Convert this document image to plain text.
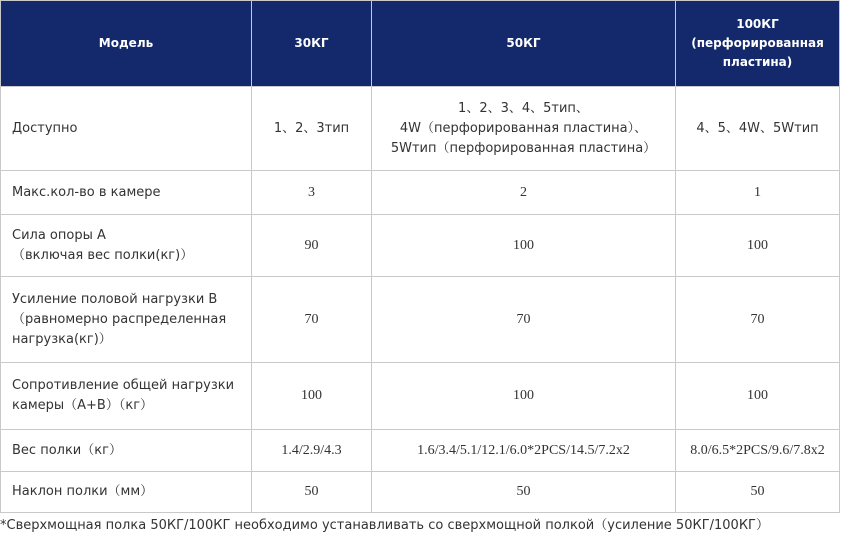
Модель	30КГ	50КГ	100КГ
(перфорированная
пластина)

Доступно	1、2、3тип	1、2、3、4、5тип、
4W（перфорированная пластина）、
5Wтип（перфорированная пластина）	4、5、4W、5Wтип
Макс.кол-во в камере	3	2	1

Сила опоры A
（включая вес полки(кг)）	90	100	100

Усиление половой нагрузки B
（равномерно распределенная
нагрузка(кг)）	70	70	70

Сопротивление общей нагрузки
камеры（A+B）（кг）	100	100	100
Вес полки（кг）	1.4/2.9/4.3	1.6/3.4/5.1/12.1/6.0*2PCS/14.5/7.2x2	8.0/6.5*2PCS/9.6/7.8x2
Наклон полки（мм）	50	50	50
*Сверхмощная полка 50КГ/100КГ необходимо устанавливать со сверхмощной полкой（усиление 50КГ/100КГ）
